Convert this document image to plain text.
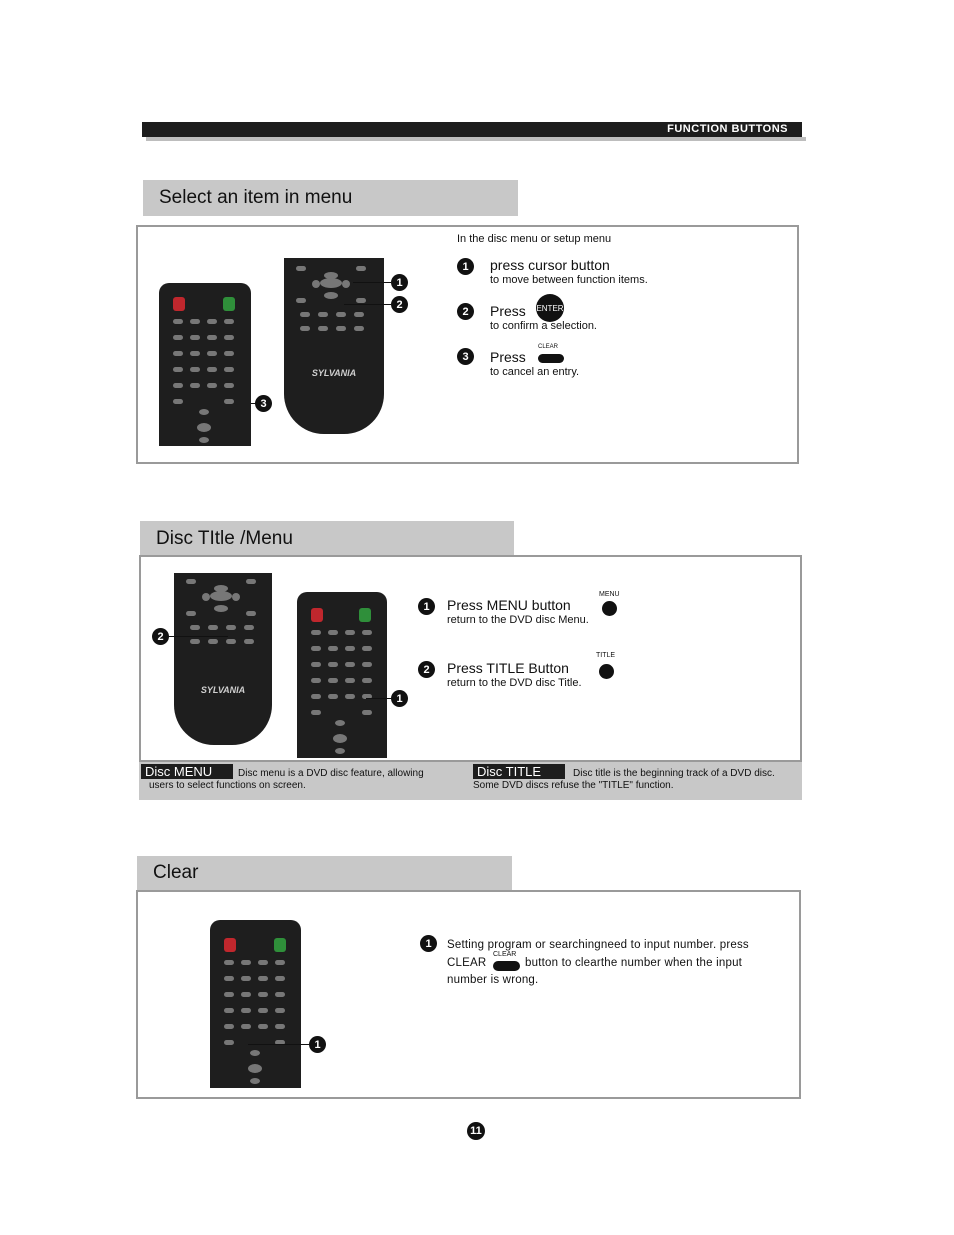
FUNCTION BUTTONS
Select an item in menu
3
SYLVANIA
1
2
In the disc menu or setup menu
1	press cursor button
to move between function items.
2	Press ENTER
to confirm a selection.
3	Press
CLEAR
to cancel an entry.
Disc TItle /Menu
SYLVANIA
2
1
1	Press MENU button
return to the DVD disc Menu.
MENU
2	Press TITLE Button
return to the DVD disc Title.
TITLE
Disc MENU	Disc menu is a DVD disc feature, allowing
users to select functions on screen.
Disc TITLE	Disc title is the beginning track of a DVD disc.
Some DVD discs refuse the "TITLE" function.
Clear
1
1	Setting program or searchingneed to input number. press
CLEAR
CLEAR
button to clearthe number when the input
number is wrong.
11
